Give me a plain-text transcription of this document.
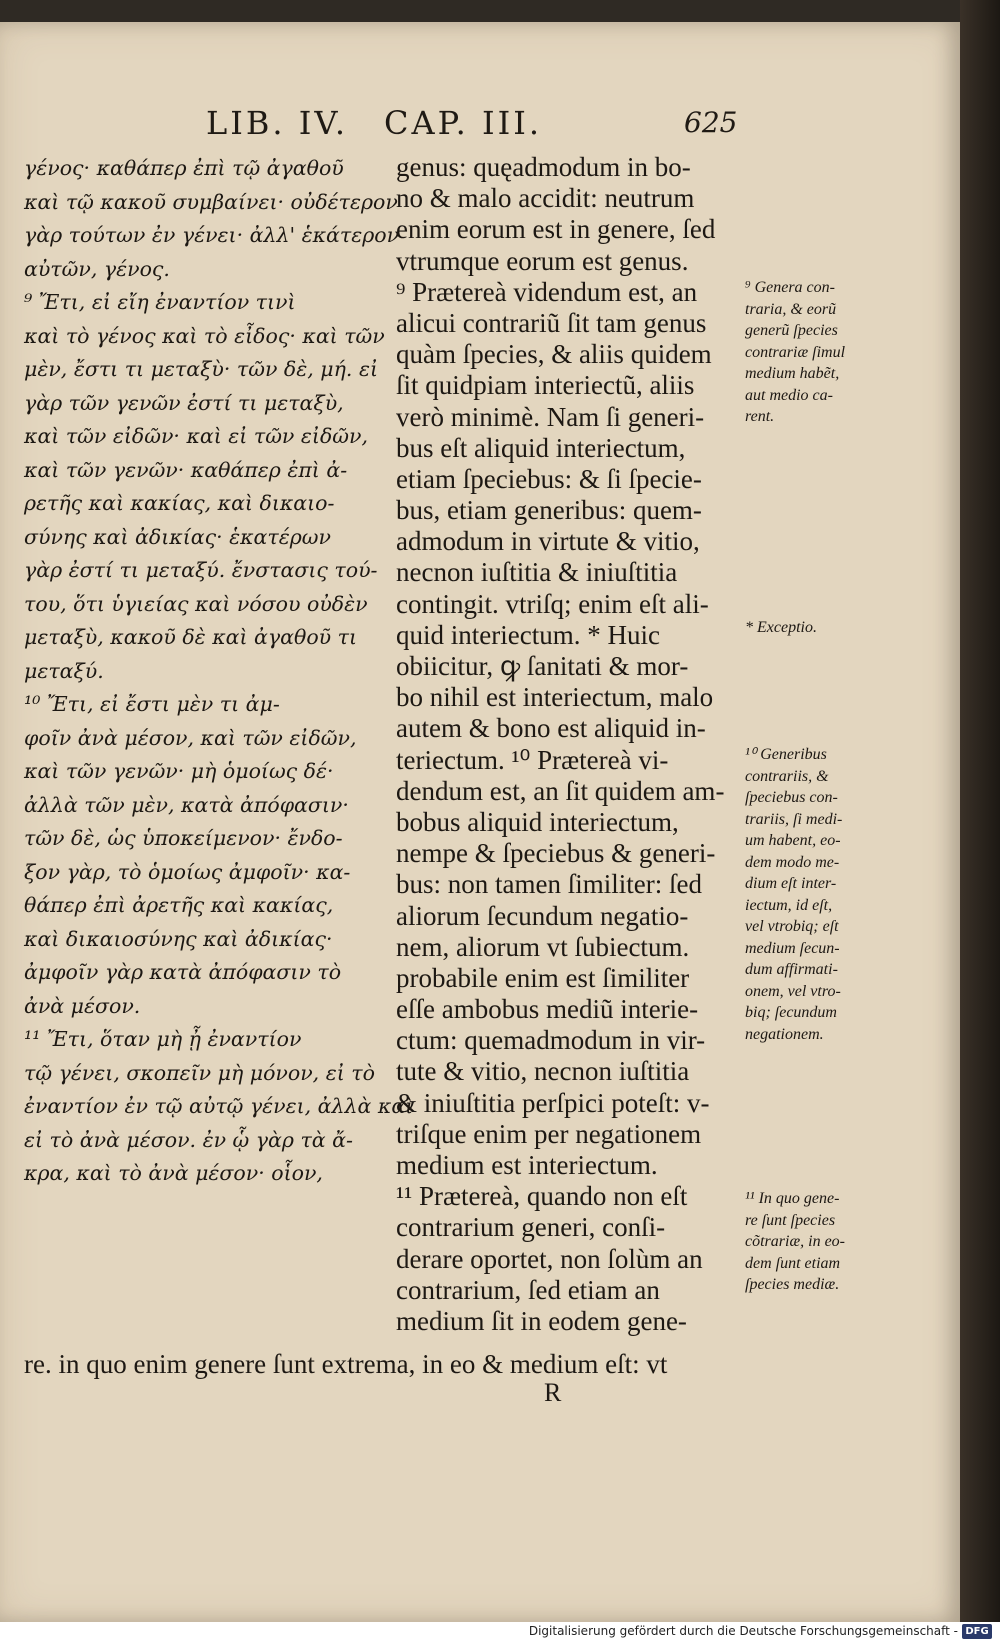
LIB. IV. CAP. III.	625
γένος· καθάπερ ἐπὶ τῷ ἀγαθοῦ
καὶ τῷ κακοῦ συμβαίνει· οὐδέτερον
γὰρ τούτων ἐν γένει· ἀλλ' ἑκάτερον
αὐτῶν, γένος.
⁹ Ἔτι, εἰ εἴη ἐναντίον τινὶ
καὶ τὸ γένος καὶ τὸ εἶδος· καὶ τῶν
μὲν, ἔστι τι μεταξὺ· τῶν δὲ, μή. εἰ
γὰρ τῶν γενῶν ἐστί τι μεταξὺ,
καὶ τῶν εἰδῶν· καὶ εἰ τῶν εἰδῶν,
καὶ τῶν γενῶν· καθάπερ ἐπὶ ἀ-
ρετῆς καὶ κακίας, καὶ δικαιο-
σύνης καὶ ἀδικίας· ἑκατέρων
γὰρ ἐστί τι μεταξύ. ἔνστασις τού-
του, ὅτι ὑγιείας καὶ νόσου οὐδὲν
μεταξὺ, κακοῦ δὲ καὶ ἀγαθοῦ τι
μεταξύ.
¹⁰ Ἔτι, εἰ ἔστι μὲν τι ἀμ-
φοῖν ἀνὰ μέσον, καὶ τῶν εἰδῶν,
καὶ τῶν γενῶν· μὴ ὁμοίως δέ·
ἀλλὰ τῶν μὲν, κατὰ ἀπόφασιν·
τῶν δὲ, ὡς ὑποκείμενον· ἔνδο-
ξον γὰρ, τὸ ὁμοίως ἀμφοῖν· κα-
θάπερ ἐπὶ ἀρετῆς καὶ κακίας,
καὶ δικαιοσύνης καὶ ἀδικίας·
ἀμφοῖν γὰρ κατὰ ἀπόφασιν τὸ
ἀνὰ μέσον.
¹¹ Ἔτι, ὅταν μὴ ᾖ ἐναντίον
τῷ γένει, σκοπεῖν μὴ μόνον, εἰ τὸ
ἐναντίον ἐν τῷ αὐτῷ γένει, ἀλλὰ καὶ
εἰ τὸ ἀνὰ μέσον. ἐν ᾧ γὰρ τὰ ἄ-
κρα, καὶ τὸ ἀνὰ μέσον· οἷον,
genus: quęadmodum in bo-
no & malo accidit: neutrum
enim eorum est in genere, ſed
vtrumque eorum est genus.
⁹ Prætereà videndum est, an
alicui contrariũ ſit tam genus
quàm ſpecies, & aliis quidem
ſit quidpiam interiectũ, aliis
verò minimè. Nam ſi generi-
bus eſt aliquid interiectum,
etiam ſpeciebus: & ſi ſpecie-
bus, etiam generibus: quem-
admodum in virtute & vitio,
necnon iuſtitia & iniuſtitia
contingit. vtriſq; enim eſt ali-
quid interiectum. * Huic
obiicitur, ꝙ ſanitati & mor-
bo nihil est interiectum, malo
autem & bono est aliquid in-
teriectum. ¹⁰ Prætereà vi-
dendum est, an ſit quidem am-
bobus aliquid interiectum,
nempe & ſpeciebus & generi-
bus: non tamen ſimiliter: ſed
aliorum ſecundum negatio-
nem, aliorum vt ſubiectum.
probabile enim est ſimiliter
eſſe ambobus mediũ interie-
ctum: quemadmodum in vir-
tute & vitio, necnon iuſtitia
& iniuſtitia perſpici poteſt: v-
triſque enim per negationem
medium est interiectum.
¹¹ Prætereà, quando non eſt
contrarium generi, conſi-
derare oportet, non ſolùm an
contrarium, ſed etiam an
medium ſit in eodem gene-
⁹ Genera con-
traria, & eorũ
generũ ſpecies
contrariæ ſimul
medium habẽt,
aut medio ca-
rent.
* Exceptio.
¹⁰ Generibus
contrariis, &
ſpeciebus con-
trariis, ſi medi-
um habent, eo-
dem modo me-
dium eſt inter-
iectum, id eſt,
vel vtrobiq; eſt
medium ſecun-
dum affirmati-
onem, vel vtro-
biq; ſecundum
negationem.
¹¹ In quo gene-
re ſunt ſpecies
cõtrariæ, in eo-
dem ſunt etiam
ſpecies mediæ.
re. in quo enim genere ſunt extrema, in eo & medium eſt: vt
R
Digitalisierung gefördert durch die Deutsche Forschungsgemeinschaft - DFG
